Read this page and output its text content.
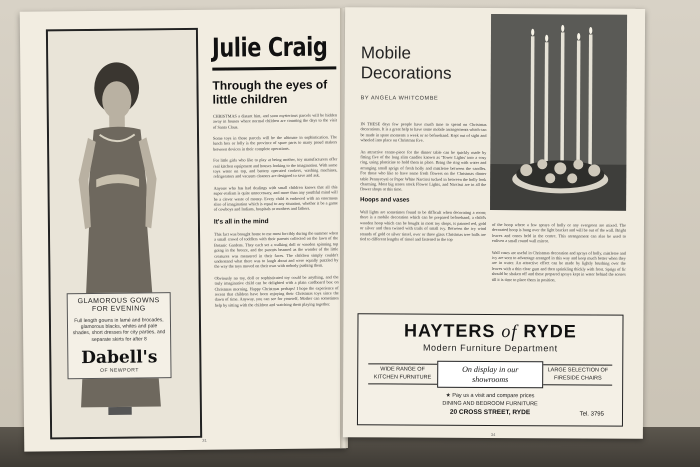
GLAMOROUS GOWNS FOR EVENING
Full length gowns in lamé and brocades, glamorous blacks, whites and pale shades, short dresses for city parties, and separate skirts for after 8
Dabell's
OF NEWPORT
Julie Craig
Through the eyes of little children

CHRISTMAS a distant hint, and soon mysterious parcels will be hidden away in houses where normal children are counting the days to the visit of Santa Claus.

Some toys in those parcels will be the ultimate in sophistication. The lunch box or lolly is the province of spare parts to many proud makers between devices in their complete operations.

For little girls who like to play at being mother, toy manufacturers offer real kitchen equipment and houses looking to the imagination. With some toys water on top, and battery operated cookers, washing machines, refrigerators and vacuum cleaners are designed to save and ask.

Anyone who has had dealings with small children knows that all this super-realism is quite unnecessary, and more than any youthful mind will be a clever waste of money. Every child is endowed with an enormous slice of imagination which is equal to any situation, whether it be a game of cowboys and Indians, hospitals or mothers and fathers.

It's all in the mind

This fact was brought home to me most forcibly during the summer when a small crowd of toddlers with their parents collected on the lawn of the Botanic Gardens. They each set a walking doll or wooden spinning top going in the breeze, and the parents beamed as the wonder of the little creatures was measured in their faces. The children simply couldn't understand what there was to laugh about and were equally puzzled by the way the toys moved on their own with nobody pushing them.

Obviously no toy, doll or sophisticated toy could be anything, and the truly imaginative child can be delighted with a plain cardboard box on Christmas morning. Happy Christmas perhaps! I hope the experience of recent that children have been enjoying their Christmas toys since the dawn of time. Anyway, you can see for yourself, Mother can sometimes help by sitting with the children and watching them playing together.

31
Mobile
Decorations
BY ANGELA WHITCOMBE

IN THESE days few people have much time to spend on Christmas decorations. It is a great help to have some mobile arrangements which can be made in spare moments a week or so beforehand. Kept out of sight and wheeled into place on Christmas Eve.

An attractive centre-piece for the dinner table can be quickly made by fitting five of the long slim candles known as 'Tower Lights' into a cosy ring, using plasticine to hold them in place. Bring the ring with water and arranging small sprigs of fresh holly and mistletoe between the candles. For those who like to have some fresh flowers on the Christmas dinner table Pennyroyal or Paper White Narcissi tucked in between the holly look charming. Most big stores stock Flower Lights, and Narcissi are in all the flower shops at this time.

Hoops and vases

Wall lights are sometimes found to be difficult when decorating a room; there is a mobile decoration which can be prepared beforehand, a child's wooden hoop which can be bought in most toy shops, is painted red, gold or silver and then twined with trails of small ivy. Between the ivy wind strands of gold or silver tinsel, over or three glass Christmas tree balls are tied to different lengths of tinsel and fastened to the top

of the hoop where a few sprays of holly or any evergreen are mixed. The decorated hoop is hung over the light bracket and will be out of the wall. Bright leaves and cones held in the centre. This arrangement can also be used to enliven a small round wall mirror.

Wall vases are useful in Christmas decoration and sprays of holly, mistletoe and ivy are seen to advantage arranged in this way and keep much better when they are in water. An attractive effect can be made by lightly brushing over the leaves with a thin clear gum and then sprinkling thickly with frost. Sprigs of fir should be shaken off and these prepared sprays kept in water behind the scenes till it is time to place them in position.

HAYTERS of RYDE
Modern Furniture Department
WIDE RANGE OF KITCHEN FURNITURE
On display in our showrooms
LARGE SELECTION OF FIRESIDE CHAIRS
★ Pay us a visit and compare prices
DINING AND BEDROOM FURNITURE
20 CROSS STREET, RYDE	Tel. 3795
34
